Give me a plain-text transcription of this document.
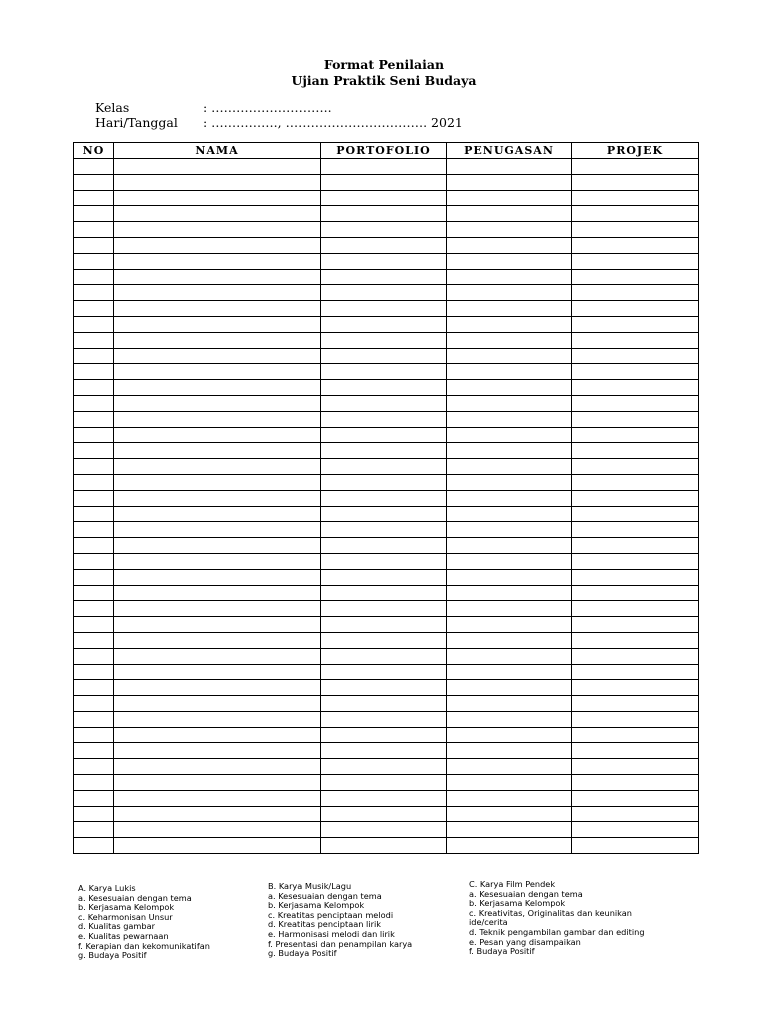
Format Penilaian
Ujian Praktik Seni Budaya
Kelas	: ………………………..
Hari/Tanggal : ……………., ……………………………. 2021
NO	NAMA	PORTOFOLIO	PENUGASAN	PROJEK

A. Karya Lukis
a. Kesesuaian dengan tema
b. Kerjasama Kelompok
c. Keharmonisan Unsur
d. Kualitas gambar
e. Kualitas pewarnaan
f. Kerapian dan kekomunikatifan
g. Budaya Positif
B. Karya Musik/Lagu
a. Kesesuaian dengan tema
b. Kerjasama Kelompok
c. Kreatitas penciptaan melodi
d. Kreatitas penciptaan lirik
e. Harmonisasi melodi dan lirik
f. Presentasi dan penampilan karya
g. Budaya Positif
C. Karya Film Pendek
a. Kesesuaian dengan tema
b. Kerjasama Kelompok
c. Kreativitas, Originalitas dan keunikan
ide/cerita
d. Teknik pengambilan gambar dan editing
e. Pesan yang disampaikan
f. Budaya Positif
